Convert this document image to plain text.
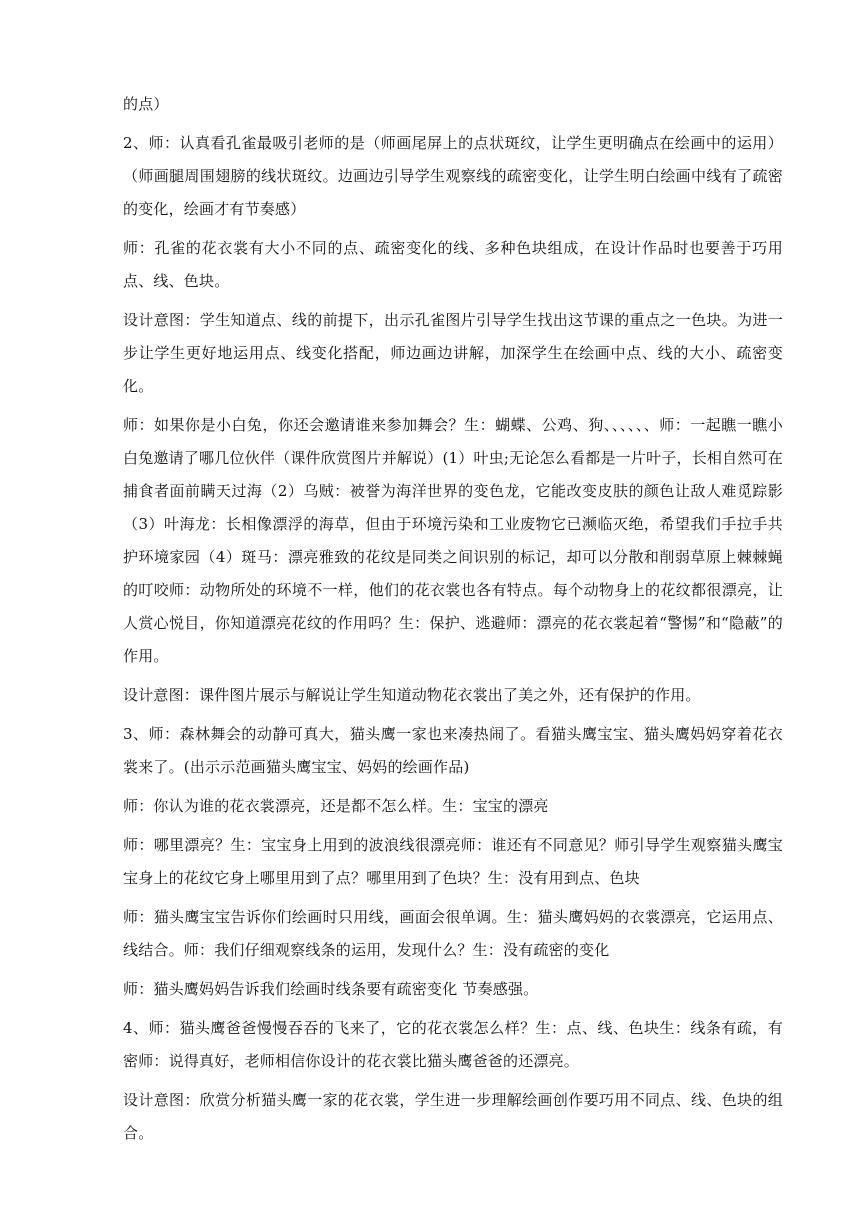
的点）

2、师：认真看孔雀最吸引老师的是（师画尾屏上的点状斑纹，让学生更明确点在绘画中的运用）（师画腿周围翅膀的线状斑纹。边画边引导学生观察线的疏密变化，让学生明白绘画中线有了疏密的变化，绘画才有节奏感）

师：孔雀的花衣裳有大小不同的点、疏密变化的线、多种色块组成，在设计作品时也要善于巧用点、线、色块。

设计意图：学生知道点、线的前提下，出示孔雀图片引导学生找出这节课的重点之一色块。为进一步让学生更好地运用点、线变化搭配，师边画边讲解，加深学生在绘画中点、线的大小、疏密变化。

师：如果你是小白兔，你还会邀请谁来参加舞会？生：蝴蝶、公鸡、狗、、、、、、师：一起瞧一瞧小白兔邀请了哪几位伙伴（课件欣赏图片并解说）(1）叶虫;无论怎么看都是一片叶子，长相自然可在捕食者面前瞒天过海（2）乌贼：被誉为海洋世界的变色龙，它能改变皮肤的颜色让敌人难觅踪影（3）叶海龙：长相像漂浮的海草，但由于环境污染和工业废物它已濒临灭绝，希望我们手拉手共护环境家园（4）斑马：漂亮雅致的花纹是同类之间识别的标记，却可以分散和削弱草原上棘棘蝇的叮咬师：动物所处的环境不一样，他们的花衣裳也各有特点。每个动物身上的花纹都很漂亮，让人赏心悦目，你知道漂亮花纹的作用吗？生：保护、逃避师：漂亮的花衣裳起着“警惕”和“隐蔽”的作用。

设计意图：课件图片展示与解说让学生知道动物花衣裳出了美之外，还有保护的作用。

3、师：森林舞会的动静可真大，猫头鹰一家也来凑热闹了。看猫头鹰宝宝、猫头鹰妈妈穿着花衣裳来了。(出示示范画猫头鹰宝宝、妈妈的绘画作品)

师：你认为谁的花衣裳漂亮，还是都不怎么样。生：宝宝的漂亮

师：哪里漂亮？生：宝宝身上用到的波浪线很漂亮师：谁还有不同意见？师引导学生观察猫头鹰宝宝身上的花纹它身上哪里用到了点？哪里用到了色块？生：没有用到点、色块

师：猫头鹰宝宝告诉你们绘画时只用线，画面会很单调。生：猫头鹰妈妈的衣裳漂亮，它运用点、线结合。师：我们仔细观察线条的运用，发现什么？生：没有疏密的变化

师：猫头鹰妈妈告诉我们绘画时线条要有疏密变化 节奏感强。

4、师：猫头鹰爸爸慢慢吞吞的飞来了，它的花衣裳怎么样？生：点、线、色块生：线条有疏，有密师：说得真好，老师相信你设计的花衣裳比猫头鹰爸爸的还漂亮。

设计意图：欣赏分析猫头鹰一家的花衣裳，学生进一步理解绘画创作要巧用不同点、线、色块的组合。
